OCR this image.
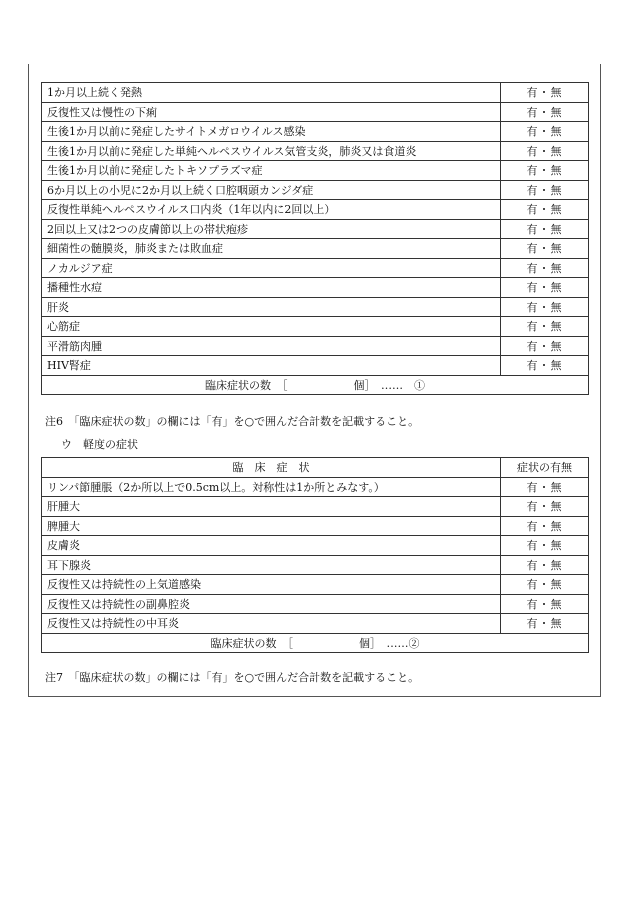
1か月以上続く発熱	有・無
反復性又は慢性の下痢	有・無
生後1か月以前に発症したサイトメガロウイルス感染	有・無
生後1か月以前に発症した単純ヘルペスウイルス気管支炎，肺炎又は食道炎	有・無
生後1か月以前に発症したトキソプラズマ症	有・無
6か月以上の小児に2か月以上続く口腔咽頭カンジダ症	有・無
反復性単純ヘルペスウイルス口内炎（1年以内に2回以上）	有・無
2回以上又は2つの皮膚節以上の帯状疱疹	有・無
細菌性の髄膜炎，肺炎または敗血症	有・無
ノカルジア症	有・無
播種性水痘	有・無
肝炎	有・無
心筋症	有・無
平滑筋肉腫	有・無
HIV腎症	有・無
臨床症状の数　［　　　　　　個］　……　①	
注6　「臨床症状の数」の欄には「有」を○で囲んだ合計数を記載すること。
ウ　軽度の症状
臨　床　症　状	症状の有無
リンパ節腫脹（2か所以上で0.5cm以上。対称性は1か所とみなす。）	有・無
肝腫大	有・無
脾腫大	有・無
皮膚炎	有・無
耳下腺炎	有・無
反復性又は持続性の上気道感染	有・無
反復性又は持続性の副鼻腔炎	有・無
反復性又は持続性の中耳炎	有・無
臨床症状の数　［　　　　　　個］　……②	
注7　「臨床症状の数」の欄には「有」を○で囲んだ合計数を記載すること。
